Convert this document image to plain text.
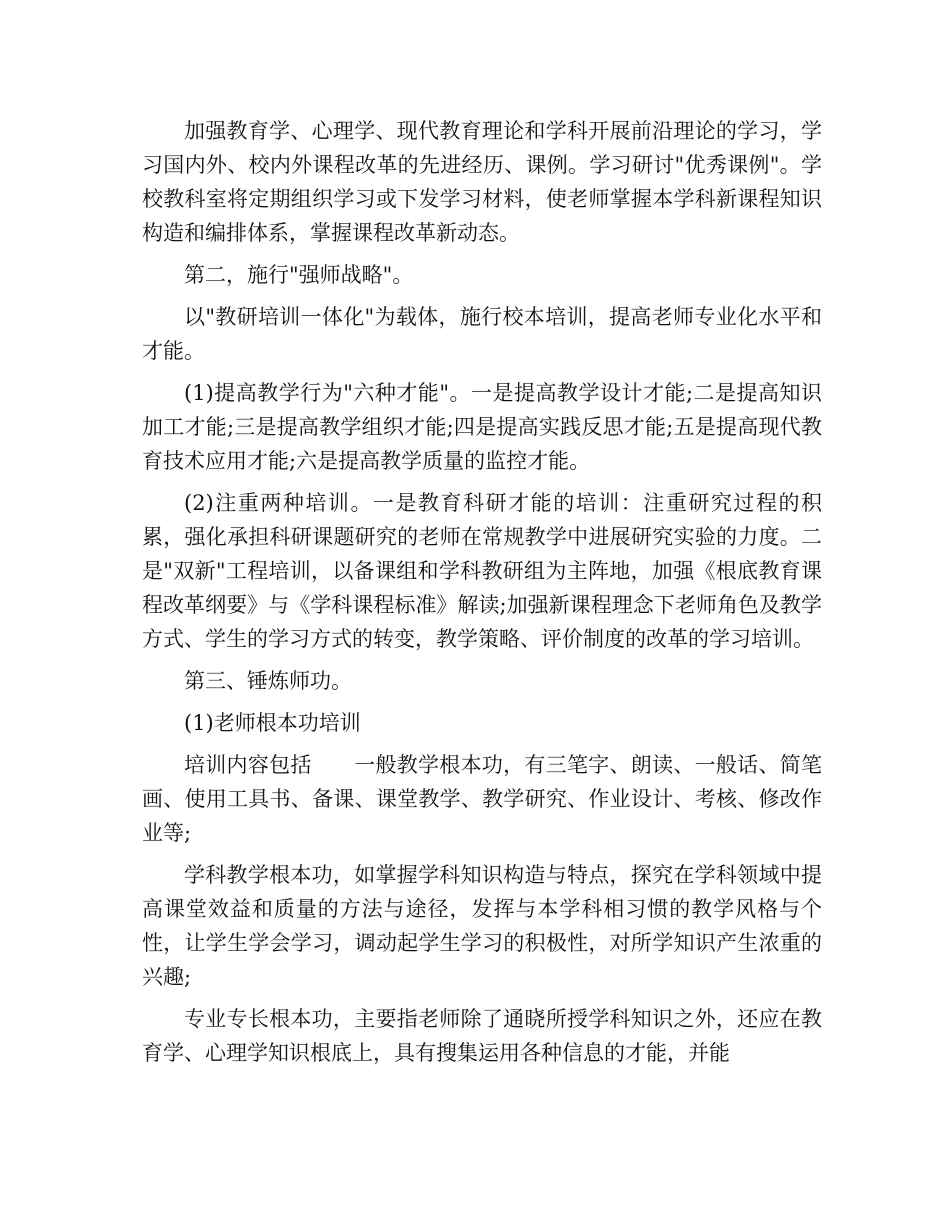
加强教育学、心理学、现代教育理论和学科开展前沿理论的学习，学习国内外、校内外课程改革的先进经历、课例。学习研讨"优秀课例"。学校教科室将定期组织学习或下发学习材料，使老师掌握本学科新课程知识构造和编排体系，掌握课程改革新动态。

第二，施行"强师战略"。

以"教研培训一体化"为载体，施行校本培训，提高老师专业化水平和才能。

(1)提高教学行为"六种才能"。一是提高教学设计才能;二是提高知识加工才能;三是提高教学组织才能;四是提高实践反思才能;五是提高现代教育技术应用才能;六是提高教学质量的监控才能。

(2)注重两种培训。一是教育科研才能的培训：注重研究过程的积累，强化承担科研课题研究的老师在常规教学中进展研究实验的力度。二是"双新"工程培训，以备课组和学科教研组为主阵地，加强《根底教育课程改革纲要》与《学科课程标准》解读;加强新课程理念下老师角色及教学方式、学生的学习方式的转变，教学策略、评价制度的改革的学习培训。

第三、锤炼师功。

(1)老师根本功培训

培训内容包括　　一般教学根本功，有三笔字、朗读、一般话、简笔画、使用工具书、备课、课堂教学、教学研究、作业设计、考核、修改作业等;

学科教学根本功，如掌握学科知识构造与特点，探究在学科领域中提高课堂效益和质量的方法与途径，发挥与本学科相习惯的教学风格与个性，让学生学会学习，调动起学生学习的积极性，对所学知识产生浓重的兴趣;

专业专长根本功，主要指老师除了通晓所授学科知识之外，还应在教育学、心理学知识根底上，具有搜集运用各种信息的才能，并能
